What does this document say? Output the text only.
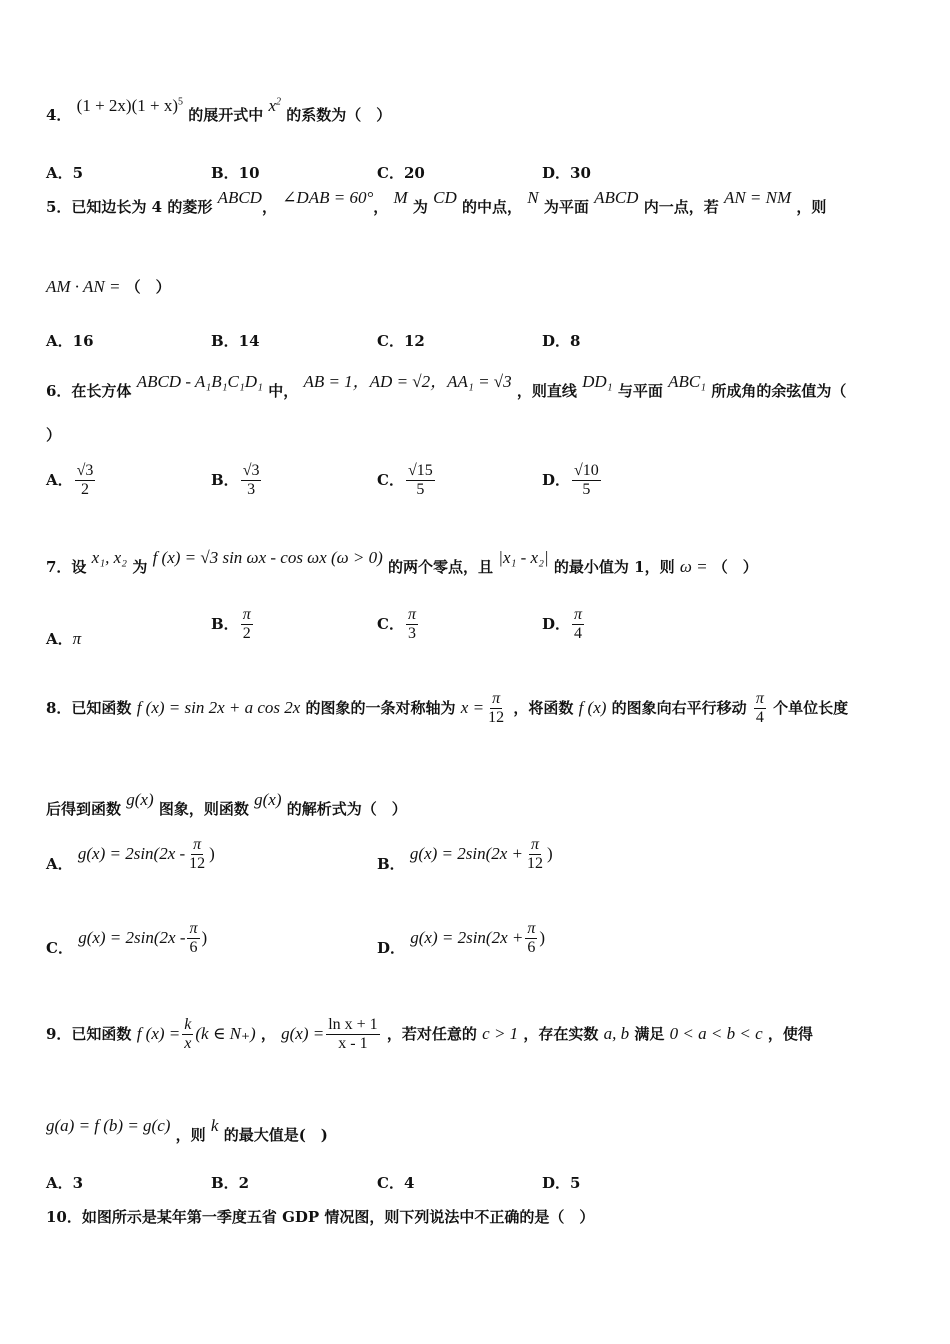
4． $(1 + 2x)(1 + x)^5$ 的展开式中 $x^2$ 的系数为（　）
A．5	B．10	C．20	D．30
5．已知边长为 4 的菱形 ABCD， ∠DAB = 60°， M 为 CD 的中点， N 为平面 ABCD 内一点，若 AN = NM ，则
AM · AN = （　）
A．16	B．14	C．12	D．8
6．在长方体 ABCD - A₁B₁C₁D₁ 中， AB = 1，AD = √2，AA₁ = √3 ，则直线 DD₁ 与平面 ABC₁ 所成角的余弦值为（
）
A． $\frac{√3}{2}$	B． $\frac{√3}{3}$	C． $\frac{√15}{5}$	D． $\frac{√10}{5}$
7．设 x₁, x₂ 为 f (x) = √3 sin ωx - cos ωx (ω > 0) 的两个零点，且 |x₁ - x₂| 的最小值为 1，则 ω = （　）
A．π
B． $\frac{\pi}{2}$	C． $\frac{\pi}{3}$	D． $\frac{\pi}{4}$
8．已知函数 f (x) = sin 2x + a cos 2x 的图象的一条对称轴为 $x = \frac{\pi}{12}$ ，将函数 f (x) 的图象向右平行移动 $\frac{\pi}{4}$ 个单位长度
后得到函数 g(x) 图象，则函数 g(x) 的解析式为（　）
A． $g(x) = 2\sin(2x - \frac{\pi}{12}$ )
B． $g(x) = 2\sin(2x + \frac{\pi}{12}$ )
C． $g(x) = 2\sin(2x - \frac{\pi}{6}$ )
D． $g(x) = 2\sin(2x + \frac{\pi}{6}$ )
9．已知函数 f $(x) = \frac{k}{x} (k$ ∈ N₊) ， $g(x) = \frac{\text{ln x + 1}}{x - 1}$ ，若对任意的 c > 1 ，存在实数 a, b 满足 0 < a < b < c ，使得
g(a) = f (b) = g(c) ，则 k 的最大值是(　)
A．3	B．2	C．4	D．5
10．如图所示是某年第一季度五省 GDP 情况图，则下列说法中不正确的是（　）
